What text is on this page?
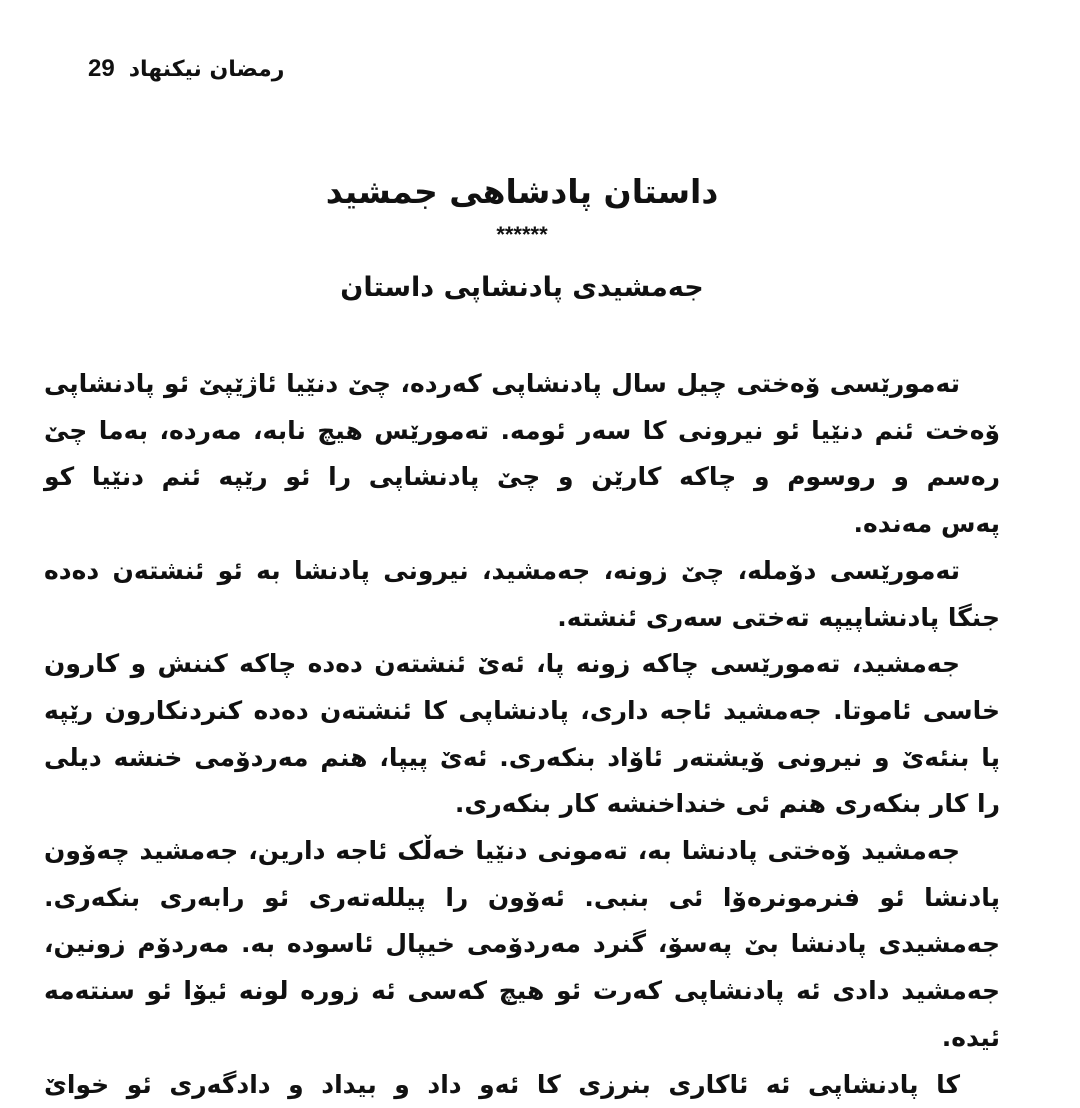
29 رمضان نیکنهاد
داستان پادشاهی جمشید
******
جەمشیدی پادنشاپی داستان
تەمورێسی ۆەختی چیل سال پادنشاپی کەردە، چێ دنێیا ئاژێپێ ئو پادنشاپی
ۆەخت ئنم دنێیا ئو نیرونی کا سەر ئومە. تەمورێس هیچ نابە، مەردە، بەما چێ
رەسم و روسوم و چاکە کارێن و چێ پادنشاپی را ئو رێپە ئنم دنێیا کو
پەس مەندە.
تەمورێسی دۆملە، چێ زونە، جەمشید، نیرونی پادنشا بە ئو ئنشتەن دەدە
جنگا پادنشاپیپە تەختی سەری ئنشتە.
جەمشید، تەمورێسی چاکە زونە پا، ئەێ ئنشتەن دەدە چاکە کننش و کارون
خاسی ئاموتا. جەمشید ئاجە داری، پادنشاپی کا ئنشتەن دەدە کنردنکارون رێپە
پا بنئەێ و نیرونی ۆیشتەر ئاۆاد بنکەری. ئەێ پیپا، هنم مەردۆمی خنشە دیلی
را کار بنکەری هنم ئی خنداخنشە کار بنکەری.
جەمشید ۆەختی پادنشا بە، تەمونی دنێیا خەڵک ئاجە دارین، جەمشید چەۆون
پادنشا ئو فنرمونرەۆا ئی بنبی. ئەۆون را پیللەتەری ئو رابەری بنکەری.
جەمشیدی پادنشا بێ پەسۆ، گنرد مەردۆمی خیپال ئاسودە بە. مەردۆم زونین،
جەمشید دادی ئە پادنشاپی کەرت ئو هیچ کەسی ئە زورە لونە ئیۆا ئو سنتەمە
ئیدە.
کا پادنشاپی ئە ئاکاری بنرزی کا ئەو داد و بیداد و دادگەری ئو خواێ
